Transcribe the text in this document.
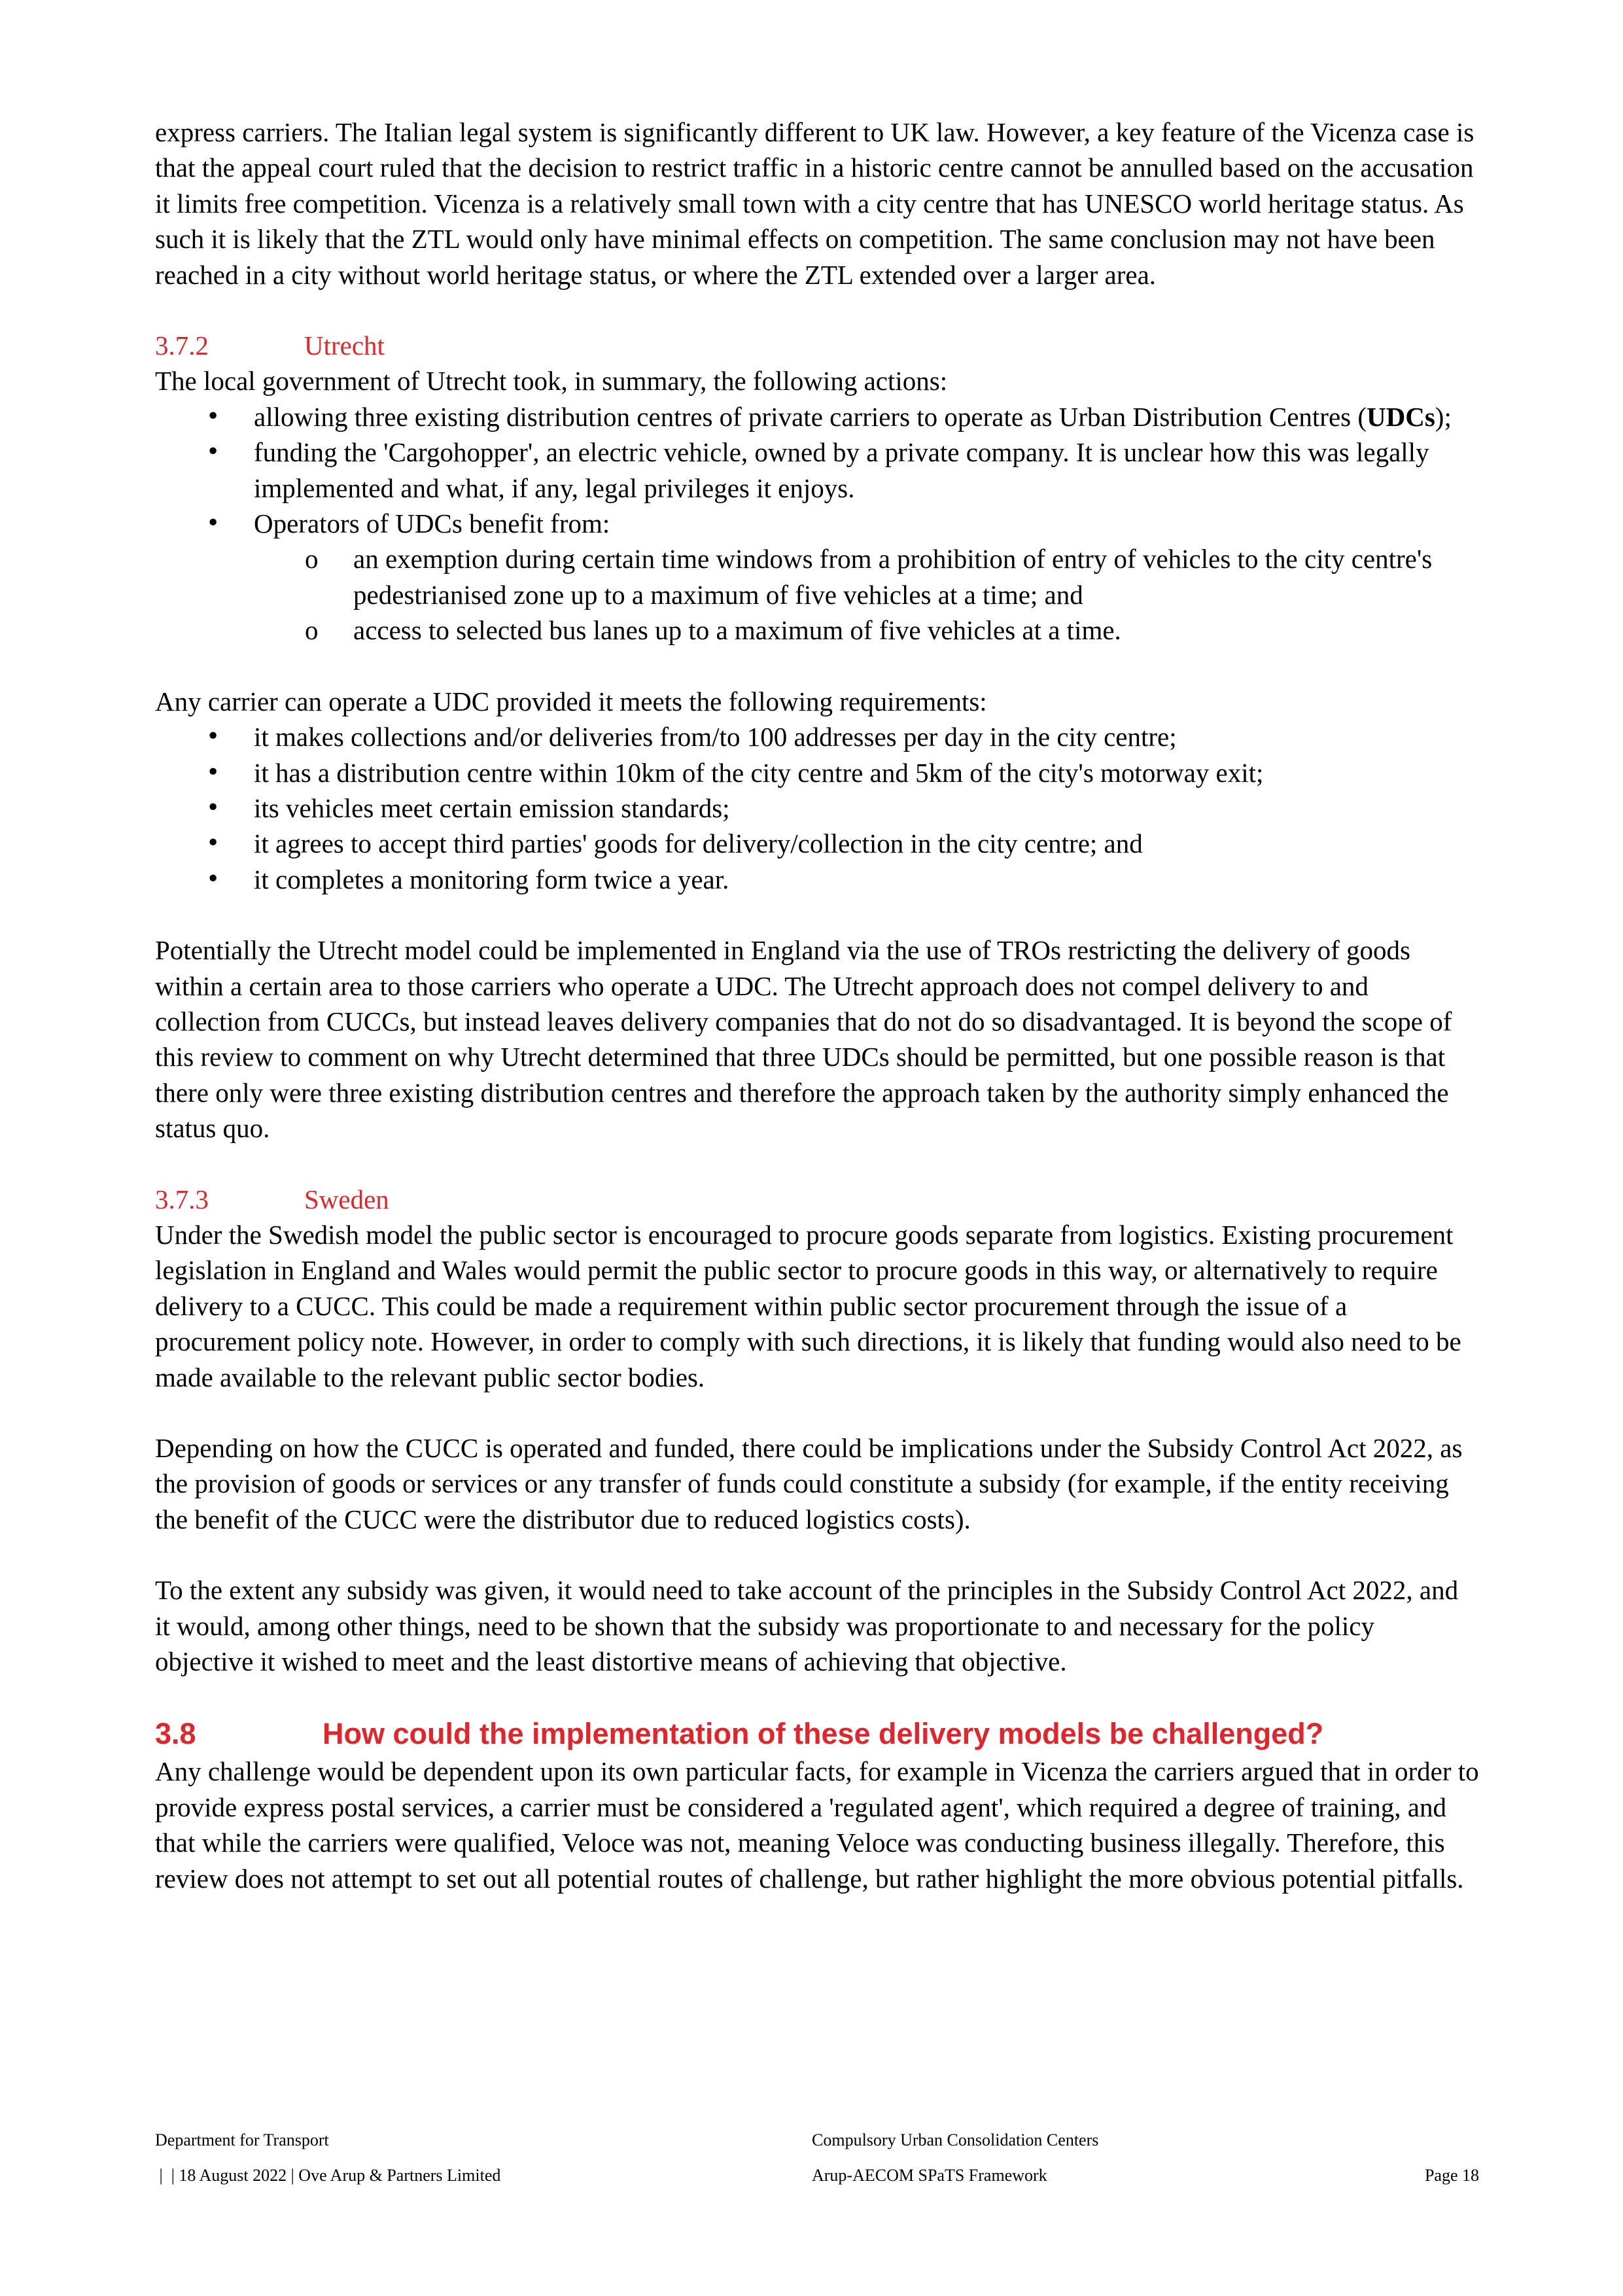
express carriers. The Italian legal system is significantly different to UK law. However, a key feature of the Vicenza case is that the appeal court ruled that the decision to restrict traffic in a historic centre cannot be annulled based on the accusation it limits free competition. Vicenza is a relatively small town with a city centre that has UNESCO world heritage status. As such it is likely that the ZTL would only have minimal effects on competition. The same conclusion may not have been reached in a city without world heritage status, or where the ZTL extended over a larger area.

3.7.2	Utrecht

The local government of Utrecht took, in summary, the following actions:

• allowing three existing distribution centres of private carriers to operate as Urban Distribution Centres (UDCs);
• funding the 'Cargohopper', an electric vehicle, owned by a private company. It is unclear how this was legally implemented and what, if any, legal privileges it enjoys.
• Operators of UDCs benefit from:
o an exemption during certain time windows from a prohibition of entry of vehicles to the city centre's pedestrianised zone up to a maximum of five vehicles at a time; and
o access to selected bus lanes up to a maximum of five vehicles at a time.

Any carrier can operate a UDC provided it meets the following requirements:

• it makes collections and/or deliveries from/to 100 addresses per day in the city centre;
• it has a distribution centre within 10km of the city centre and 5km of the city's motorway exit;
• its vehicles meet certain emission standards;
• it agrees to accept third parties' goods for delivery/collection in the city centre; and
• it completes a monitoring form twice a year.

Potentially the Utrecht model could be implemented in England via the use of TROs restricting the delivery of goods within a certain area to those carriers who operate a UDC. The Utrecht approach does not compel delivery to and collection from CUCCs, but instead leaves delivery companies that do not do so disadvantaged. It is beyond the scope of this review to comment on why Utrecht determined that three UDCs should be permitted, but one possible reason is that there only were three existing distribution centres and therefore the approach taken by the authority simply enhanced the status quo.

3.7.3	Sweden

Under the Swedish model the public sector is encouraged to procure goods separate from logistics. Existing procurement legislation in England and Wales would permit the public sector to procure goods in this way, or alternatively to require delivery to a CUCC. This could be made a requirement within public sector procurement through the issue of a procurement policy note. However, in order to comply with such directions, it is likely that funding would also need to be made available to the relevant public sector bodies.

Depending on how the CUCC is operated and funded, there could be implications under the Subsidy Control Act 2022, as the provision of goods or services or any transfer of funds could constitute a subsidy (for example, if the entity receiving the benefit of the CUCC were the distributor due to reduced logistics costs).

To the extent any subsidy was given, it would need to take account of the principles in the Subsidy Control Act 2022, and it would, among other things, need to be shown that the subsidy was proportionate to and necessary for the policy objective it wished to meet and the least distortive means of achieving that objective.

3.8	How could the implementation of these delivery models be challenged?

Any challenge would be dependent upon its own particular facts, for example in Vicenza the carriers argued that in order to provide express postal services, a carrier must be considered a 'regulated agent', which required a degree of training, and that while the carriers were qualified, Veloce was not, meaning Veloce was conducting business illegally. Therefore, this review does not attempt to set out all potential routes of challenge, but rather highlight the more obvious potential pitfalls.

Department for Transport	Compulsory Urban Consolidation Centers
|  | 18 August 2022 | Ove Arup & Partners Limited	Arup-AECOM SPaTS Framework	Page 18
